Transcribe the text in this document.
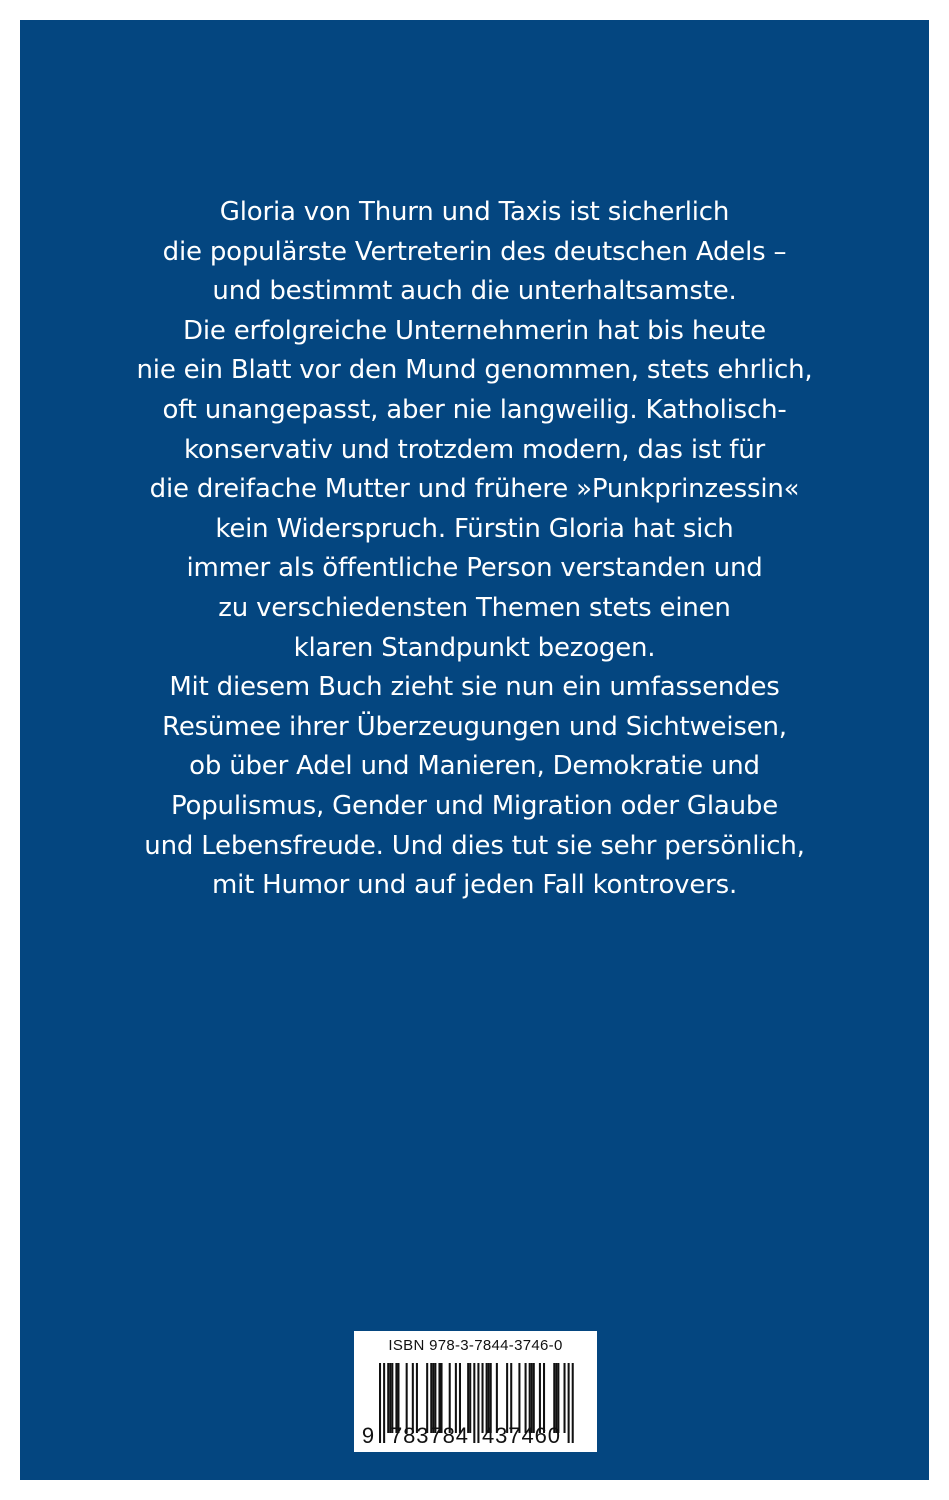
Gloria von Thurn und Taxis ist sicherlich
die populärste Vertreterin des deutschen Adels –
und bestimmt auch die unterhaltsamste.
Die erfolgreiche Unternehmerin hat bis heute
nie ein Blatt vor den Mund genommen, stets ehrlich,
oft unangepasst, aber nie langweilig. Katholisch-
konservativ und trotzdem modern, das ist für
die dreifache Mutter und frühere »Punkprinzessin«
kein Widerspruch. Fürstin Gloria hat sich
immer als öffentliche Person verstanden und
zu verschiedensten Themen stets einen
klaren Standpunkt bezogen.
Mit diesem Buch zieht sie nun ein umfassendes
Resümee ihrer Überzeugungen und Sichtweisen,
ob über Adel und Manieren, Demokratie und
Populismus, Gender und Migration oder Glaube
und Lebensfreude. Und dies tut sie sehr persönlich,
mit Humor und auf jeden Fall kontrovers.
9 783784 437460
ISBN 978-3-7844-3746-0
